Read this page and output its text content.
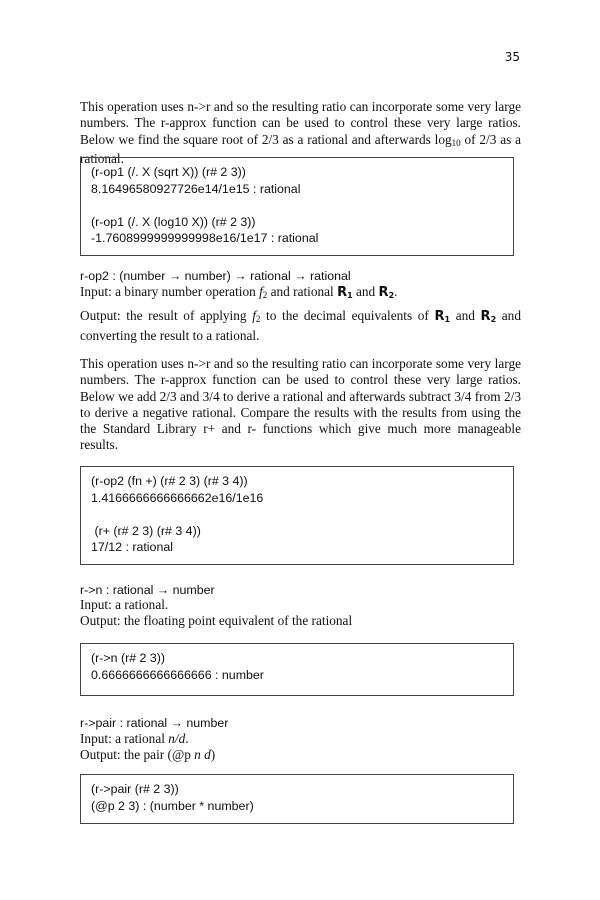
35
This operation uses n->r and so the resulting ratio can incorporate some very large numbers. The r-approx function can be used to control these very large ratios. Below we find the square root of 2/3 as a rational and afterwards $\log_{10}$ of 2/3 as a rational.
(r-op1 (/. X (sqrt X)) (r# 2 3))
8.16496580927726e14/1e15 : rational
(r-op1 (/. X (log10 X)) (r# 2 3))
-1.7608999999999998e16/1e17 : rational
r-op2 : (number → number) → rational → rational
Input: a binary number operation $f_2$ and rational $R_1$ and $R_2$.
Output: the result of applying $f_2$ to the decimal equivalents of $R_1$ and $R_2$ and converting the result to a rational.
This operation uses n->r and so the resulting ratio can incorporate some very large numbers. The r-approx function can be used to control these very large ratios. Below we add 2/3 and 3/4 to derive a rational and afterwards subtract 3/4 from 2/3 to derive a negative rational. Compare the results with the results from using the the Standard Library r+ and r- functions which give much more manageable results.
(r-op2 (fn +) (r# 2 3) (r# 3 4))
1.4166666666666662e16/1e16
(r+ (r# 2 3) (r# 3 4))
17/12 : rational
r->n : rational → number
Input: a rational.
Output: the floating point equivalent of the rational
(r->n (r# 2 3))
0.6666666666666666 : number
r->pair : rational → number
Input: a rational n/d.
Output: the pair (@p n d)
(r->pair (r# 2 3))
(@p 2 3) : (number * number)
